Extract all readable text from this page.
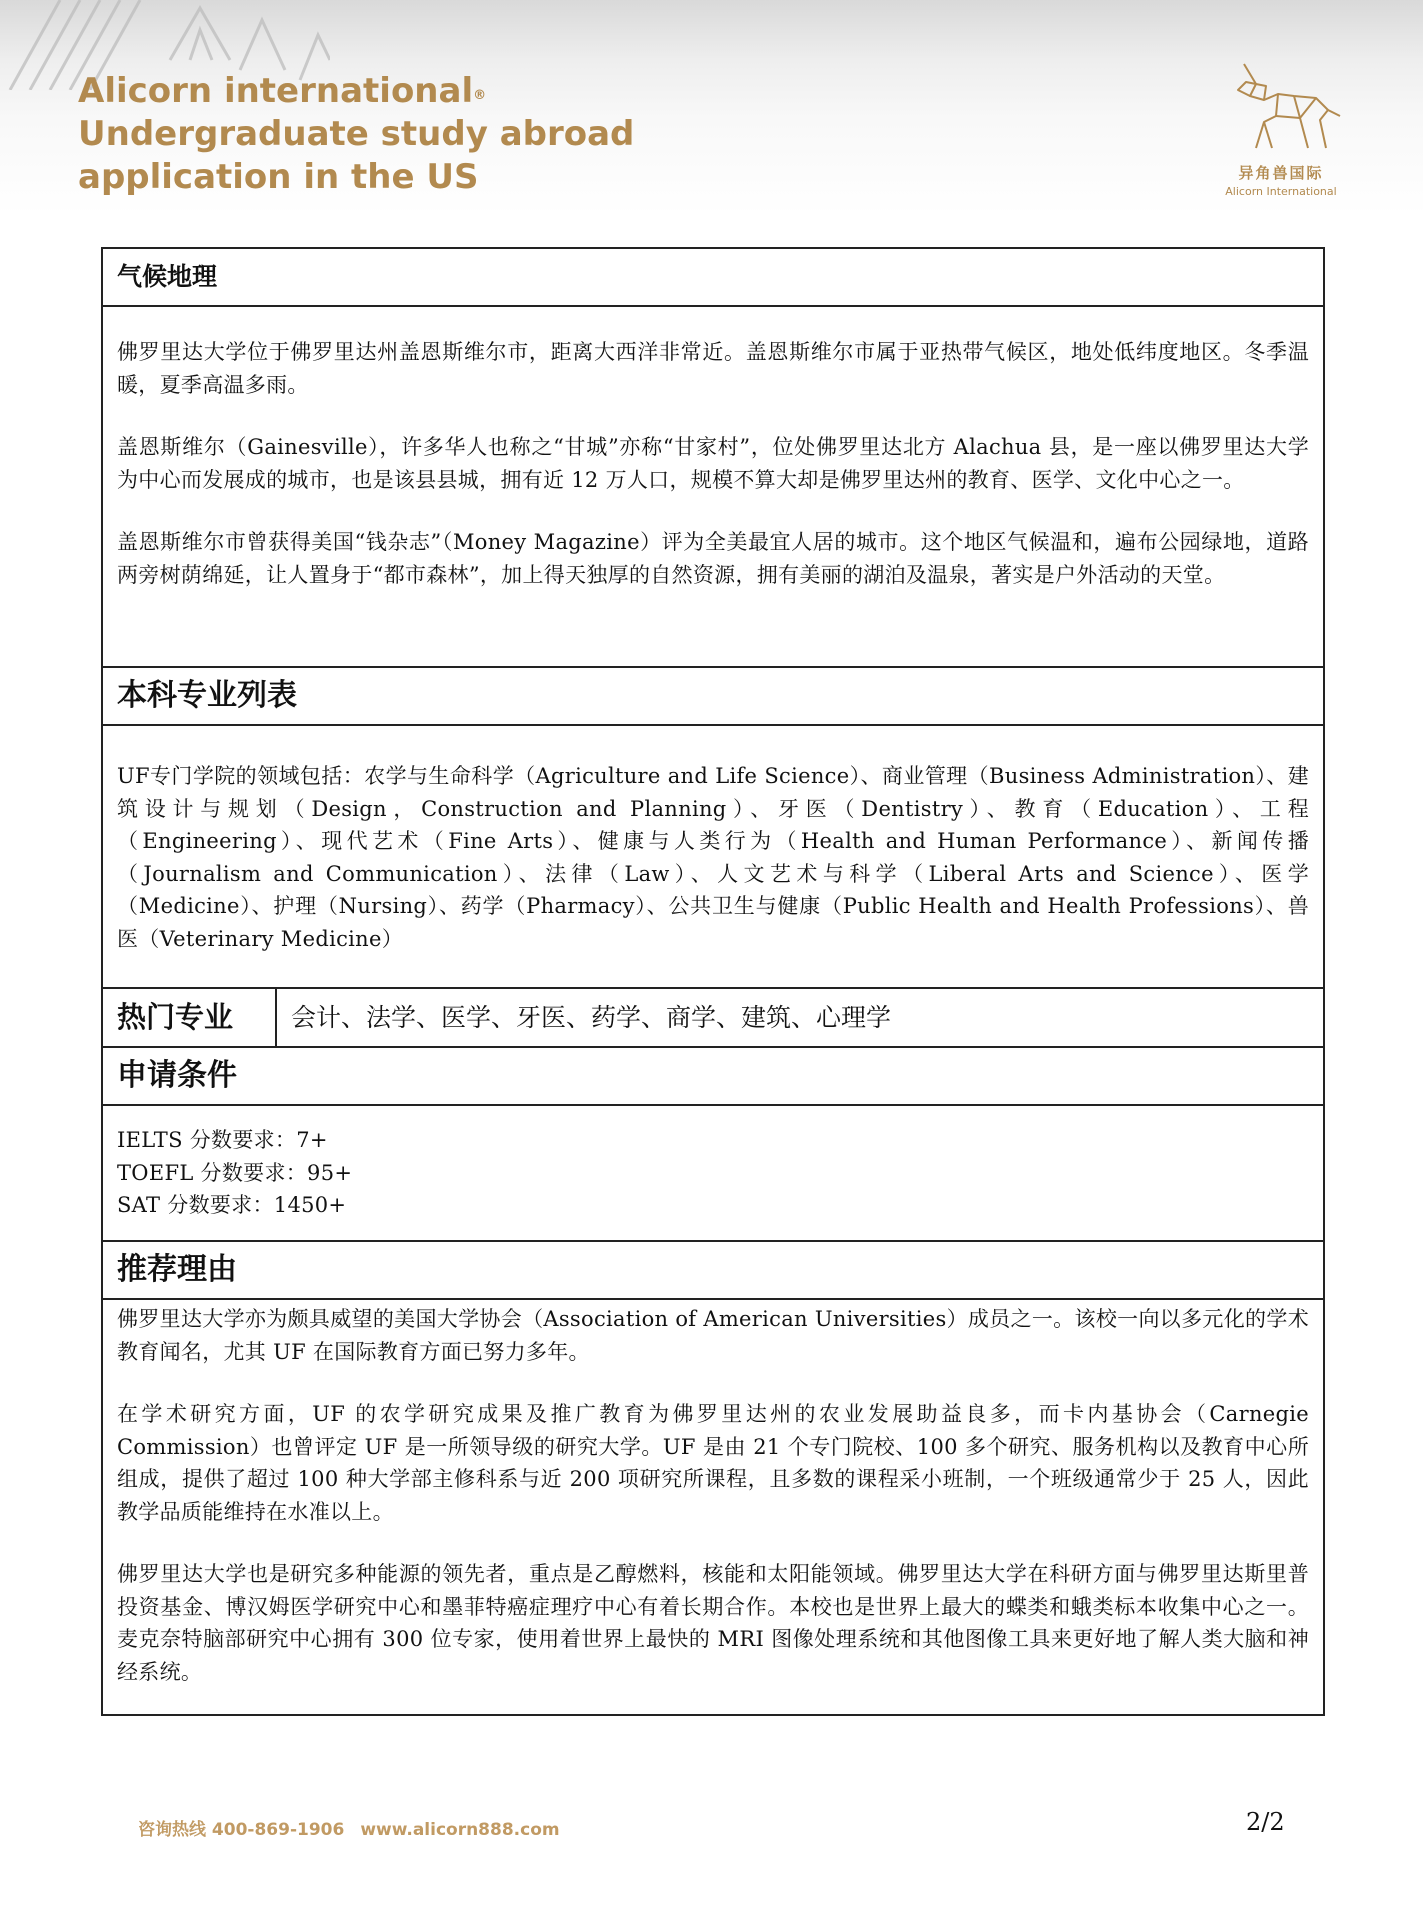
Alicorn international®
Undergraduate study abroad
application in the US	异角兽国际
Alicorn International
气候地理

佛罗里达大学位于佛罗里达州盖恩斯维尔市，距离大西洋非常近。盖恩斯维尔市属于亚热带气候区，地处低纬度地区。冬季温暖，夏季高温多雨。

盖恩斯维尔（Gainesville），许多华人也称之“甘城”亦称“甘家村”，位处佛罗里达北方 Alachua 县，是一座以佛罗里达大学为中心而发展成的城市，也是该县县城，拥有近 12 万人口，规模不算大却是佛罗里达州的教育、医学、文化中心之一。

盖恩斯维尔市曾获得美国“钱杂志”（Money Magazine）评为全美最宜人居的城市。这个地区气候温和，遍布公园绿地，道路两旁树荫绵延，让人置身于“都市森林”，加上得天独厚的自然资源，拥有美丽的湖泊及温泉，著实是户外活动的天堂。

本科专业列表

UF专门学院的领域包括：农学与生命科学（Agriculture and Life Science）、商业管理（Business Administration）、建筑设计与规划（Design，Construction and Planning）、牙医（Dentistry）、教育（Education）、工程（Engineering）、现代艺术（Fine Arts）、健康与人类行为（Health and Human Performance）、新闻传播（Journalism and Communication）、法律（Law）、人文艺术与科学（Liberal Arts and Science）、医学（Medicine）、护理（Nursing）、药学（Pharmacy）、公共卫生与健康（Public Health and Health Professions）、兽医（Veterinary Medicine）

热门专业	会计、法学、医学、牙医、药学、商学、建筑、心理学
申请条件

IELTS 分数要求：7+

TOEFL 分数要求：95+

SAT 分数要求：1450+

推荐理由

佛罗里达大学亦为颇具威望的美国大学协会（Association of American Universities）成员之一。该校一向以多元化的学术教育闻名，尤其 UF 在国际教育方面已努力多年。

在学术研究方面，UF 的农学研究成果及推广教育为佛罗里达州的农业发展助益良多，而卡内基协会（Carnegie Commission）也曾评定 UF 是一所领导级的研究大学。UF 是由 21 个专门院校、100 多个研究、服务机构以及教育中心所组成，提供了超过 100 种大学部主修科系与近 200 项研究所课程，且多数的课程采小班制，一个班级通常少于 25 人，因此教学品质能维持在水准以上。

佛罗里达大学也是研究多种能源的领先者，重点是乙醇燃料，核能和太阳能领域。佛罗里达大学在科研方面与佛罗里达斯里普投资基金、博汉姆医学研究中心和墨菲特癌症理疗中心有着长期合作。本校也是世界上最大的蝶类和蛾类标本收集中心之一。麦克奈特脑部研究中心拥有 300 位专家，使用着世界上最快的 MRI 图像处理系统和其他图像工具来更好地了解人类大脑和神经系统。

咨询热线 400-869-1906 www.alicorn888.com	2/2
